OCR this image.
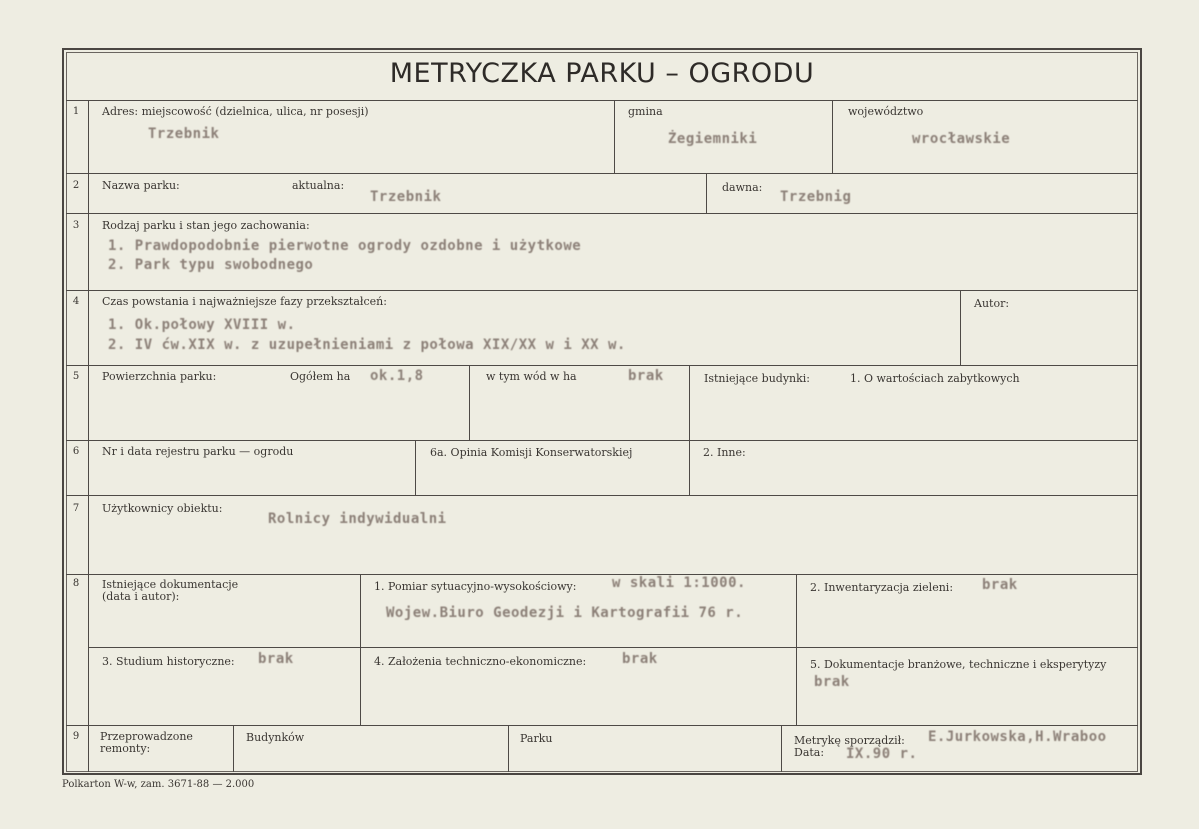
METRYCZKA PARKU – OGRODU
1 Adres: miejscowość (dzielnica, ulica, nr posesji)
Trzebnik
gmina
Żegiemniki
województwo
wrocławskie
2 Nazwa parku:	aktualna:
Trzebnik
dawna:
Trzebnig
3 Rodzaj parku i stan jego zachowania:
1. Prawdopodobnie pierwotne ogrody ozdobne i użytkowe
2. Park typu swobodnego
4 Czas powstania i najważniejsze fazy przekształceń:
1. Ok.połowy XVIII w.
2. IV ćw.XIX w. z uzupełnieniami z połowa XIX/XX w i XX w.
Autor:
5 Powierzchnia parku:	Ogółem ha ok.1,8	w tym wód w ha	brak	Istniejące budynki:	1. O wartościach zabytkowych
6 Nr i data rejestru parku — ogrodu	6a. Opinia Komisji Konserwatorskiej	2. Inne:
7 Użytkownicy obiektu:
Rolnicy indywidualni
8 Istniejące dokumentacje
(data i autor):
1. Pomiar sytuacyjno-wysokościowy:	w skali 1:1000.
Wojew.Biuro Geodezji i Kartografii 76 r.
2. Inwentaryzacja zieleni: brak
3. Studium historyczne: brak	4. Założenia techniczno-ekonomiczne:	brak	5. Dokumentacje branżowe, techniczne i eksperytyzy
brak
9 Przeprowadzone
remonty:
Budynków	Parku	Metrykę sporządził: E.Jurkowska,H.Wraboo
Data: IX.90 r.
Polkarton W-w, zam. 3671-88 — 2.000
